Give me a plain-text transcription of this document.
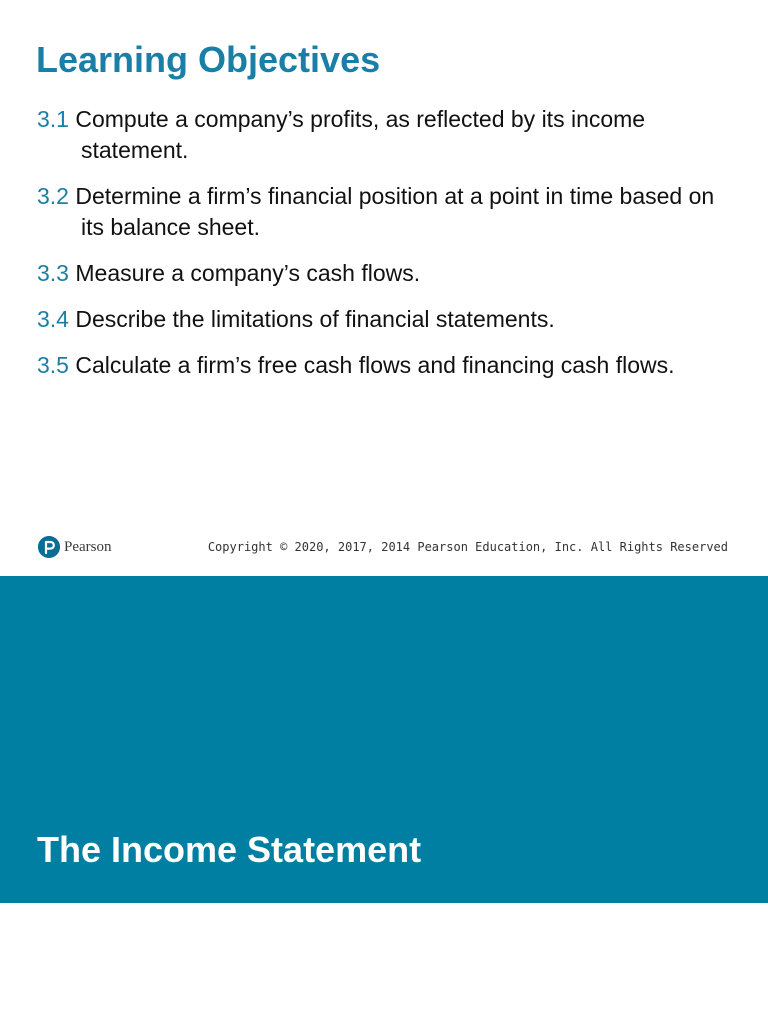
Learning Objectives
3.1 Compute a company’s profits, as reflected by its income statement.
3.2 Determine a firm’s financial position at a point in time based on its balance sheet.
3.3 Measure a company’s cash flows.
3.4 Describe the limitations of financial statements.
3.5 Calculate a firm’s free cash flows and financing cash flows.
Pearson	Copyright © 2020, 2017, 2014 Pearson Education, Inc. All Rights Reserved
The Income Statement
